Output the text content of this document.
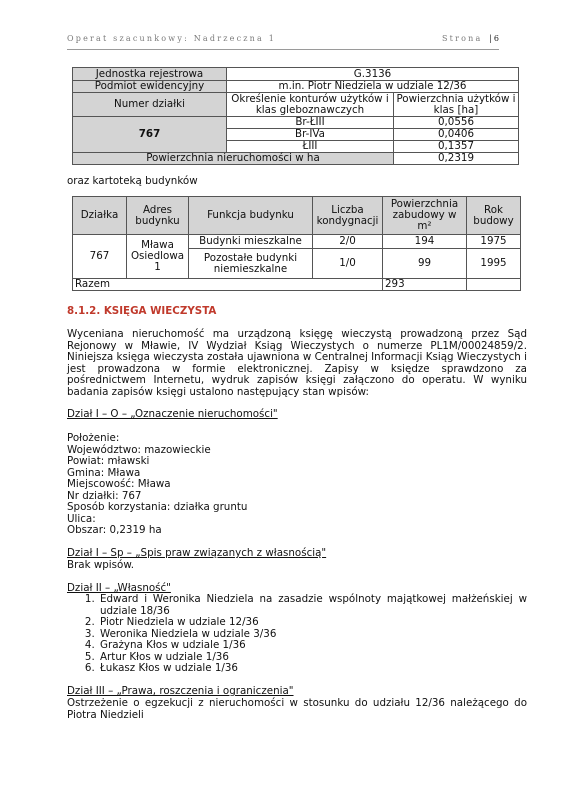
Operat szacunkowy: Nadrzeczna 1	Strona | 6
Jednostka rejestrowa	G.3136	
Podmiot ewidencyjny	m.in. Piotr Niedziela w udziale 12/36	
Numer działki	Określenie konturów użytków i klas gleboznawczych	Powierzchnia użytków i klas [ha]
767	Br-ŁIII	0,0556
	Br-IVa	0,0406
	ŁIII	0,1357
Powierzchnia nieruchomości w ha		0,2319
oraz kartoteką budynków
Działka	Adres budynku	Funkcja budynku	Liczba kondygnacji	Powierzchnia zabudowy w m²	Rok budowy
767	Mława Osiedlowa 1	Budynki mieszkalne	2/0	194	1975
		Pozostałe budynki niemieszkalne	1/0	99	1995
Razem				293	
8.1.2. KSIĘGA WIECZYSTA
Wyceniana nieruchomość ma urządzoną księgę wieczystą prowadzoną przez Sąd Rejonowy w Mławie, IV Wydział Ksiąg Wieczystych o numerze PL1M/00024859/2. Niniejsza księga wieczysta została ujawniona w Centralnej Informacji Ksiąg Wieczystych i jest prowadzona w formie elektronicznej. Zapisy w księdze sprawdzono za pośrednictwem Internetu, wydruk zapisów księgi załączono do operatu. W wyniku badania zapisów księgi ustalono następujący stan wpisów:
Dział I – O – „Oznaczenie nieruchomości"
Położenie:
Województwo: mazowieckie
Powiat: mławski
Gmina: Mława
Miejscowość: Mława
Nr działki: 767
Sposób korzystania: działka gruntu
Ulica:
Obszar: 0,2319 ha
Dział I – Sp – „Spis praw związanych z własnością"
Brak wpisów.
Dział II – „Własność"
1. Edward i Weronika Niedziela na zasadzie wspólnoty majątkowej małżeńskiej w udziale 18/36
2. Piotr Niedziela w udziale 12/36
3. Weronika Niedziela w udziale 3/36
4. Grażyna Kłos w udziale 1/36
5. Artur Kłos w udziale 1/36
6. Łukasz Kłos w udziale 1/36
Dział III – „Prawa, roszczenia i ograniczenia"
Ostrzeżenie o egzekucji z nieruchomości w stosunku do udziału 12/36 należącego do Piotra Niedzieli
